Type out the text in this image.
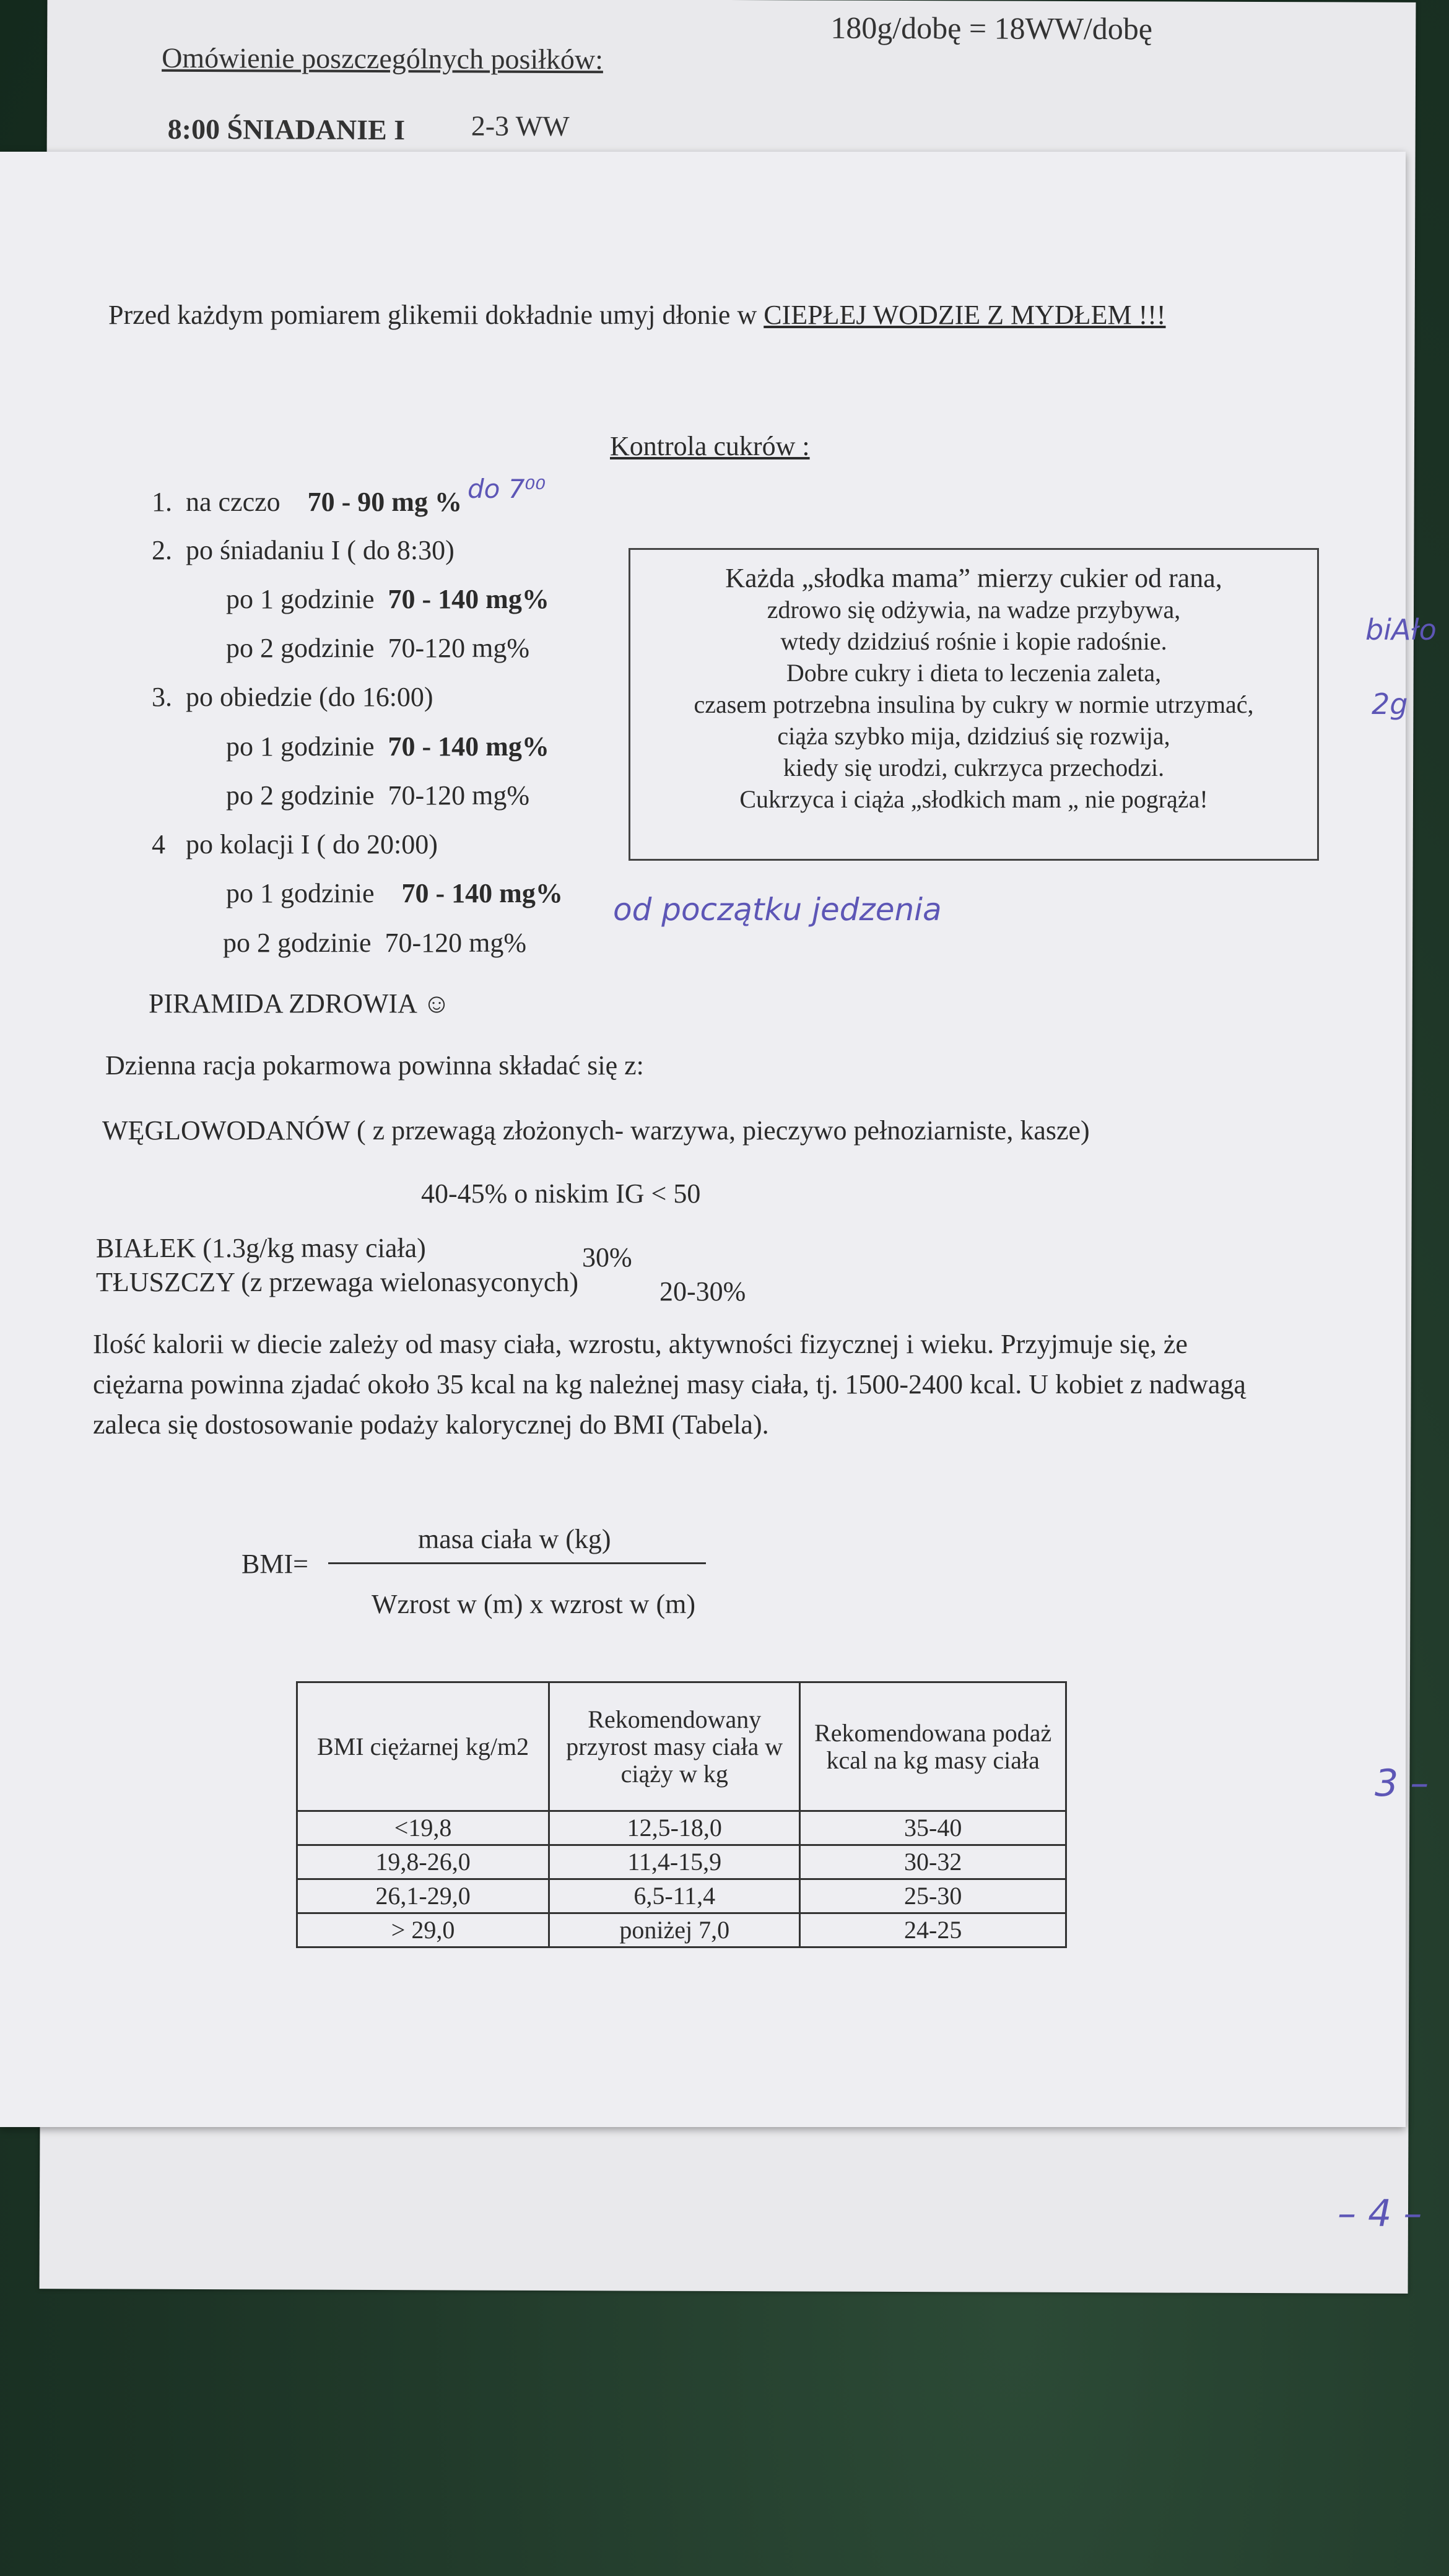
Omówienie poszczególnych posiłków:
180g/dobę = 18WW/dobę
8:00 ŚNIADANIE I 2-3 WW
Przed każdym pomiarem glikemii dokładnie umyj dłonie w CIEPŁEJ WODZIE Z MYDŁEM !!!
Kontrola cukrów :
1. na czczo 70 - 90 mg %
2. po śniadaniu I ( do 8:30)
po 1 godzinie 70 - 140 mg%
po 2 godzinie 70-120 mg%
3. po obiedzie (do 16:00)
po 1 godzinie 70 - 140 mg%
po 2 godzinie 70-120 mg%
4 po kolacji I ( do 20:00)
po 1 godzinie 70 - 140 mg%
po 2 godzinie 70-120 mg%
Każda „słodka mama” mierzy cukier od rana,
zdrowo się odżywia, na wadze przybywa,
wtedy dzidziuś rośnie i kopie radośnie.
Dobre cukry i dieta to leczenia zaleta,
czasem potrzebna insulina by cukry w normie utrzymać,
ciąża szybko mija, dzidziuś się rozwija,
kiedy się urodzi, cukrzyca przechodzi.
Cukrzyca i ciąża „słodkich mam „ nie pogrąża!
PIRAMIDA ZDROWIA ☺
Dzienna racja pokarmowa powinna składać się z:
WĘGLOWODANÓW ( z przewagą złożonych- warzywa, pieczywo pełnoziarniste, kasze)
40-45% o niskim IG < 50
BIAŁEK (1.3g/kg masy ciała)	30%
TŁUSZCZY (z przewaga wielonasyconych)	20-30%
Ilość kalorii w diecie zależy od masy ciała, wzrostu, aktywności fizycznej i wieku. Przyjmuje się, że
ciężarna powinna zjadać około 35 kcal na kg należnej masy ciała, tj. 1500-2400 kcal. U kobiet z nadwagą
zaleca się dostosowanie podaży kalorycznej do BMI (Tabela).
BMI=
masa ciała w (kg)
Wzrost w (m) x wzrost w (m)
BMI ciężarnej kg/m2	Rekomendowany przyrost masy ciała w ciąży w kg	Rekomendowana podaż kcal na kg masy ciała
<19,8	12,5-18,0	35-40
19,8-26,0	11,4-15,9	30-32
26,1-29,0	6,5-11,4	25-30
> 29,0	poniżej 7,0	24-25
do 7⁰⁰
od początku jedzenia
biAło
2g
3 –
– 4 –
